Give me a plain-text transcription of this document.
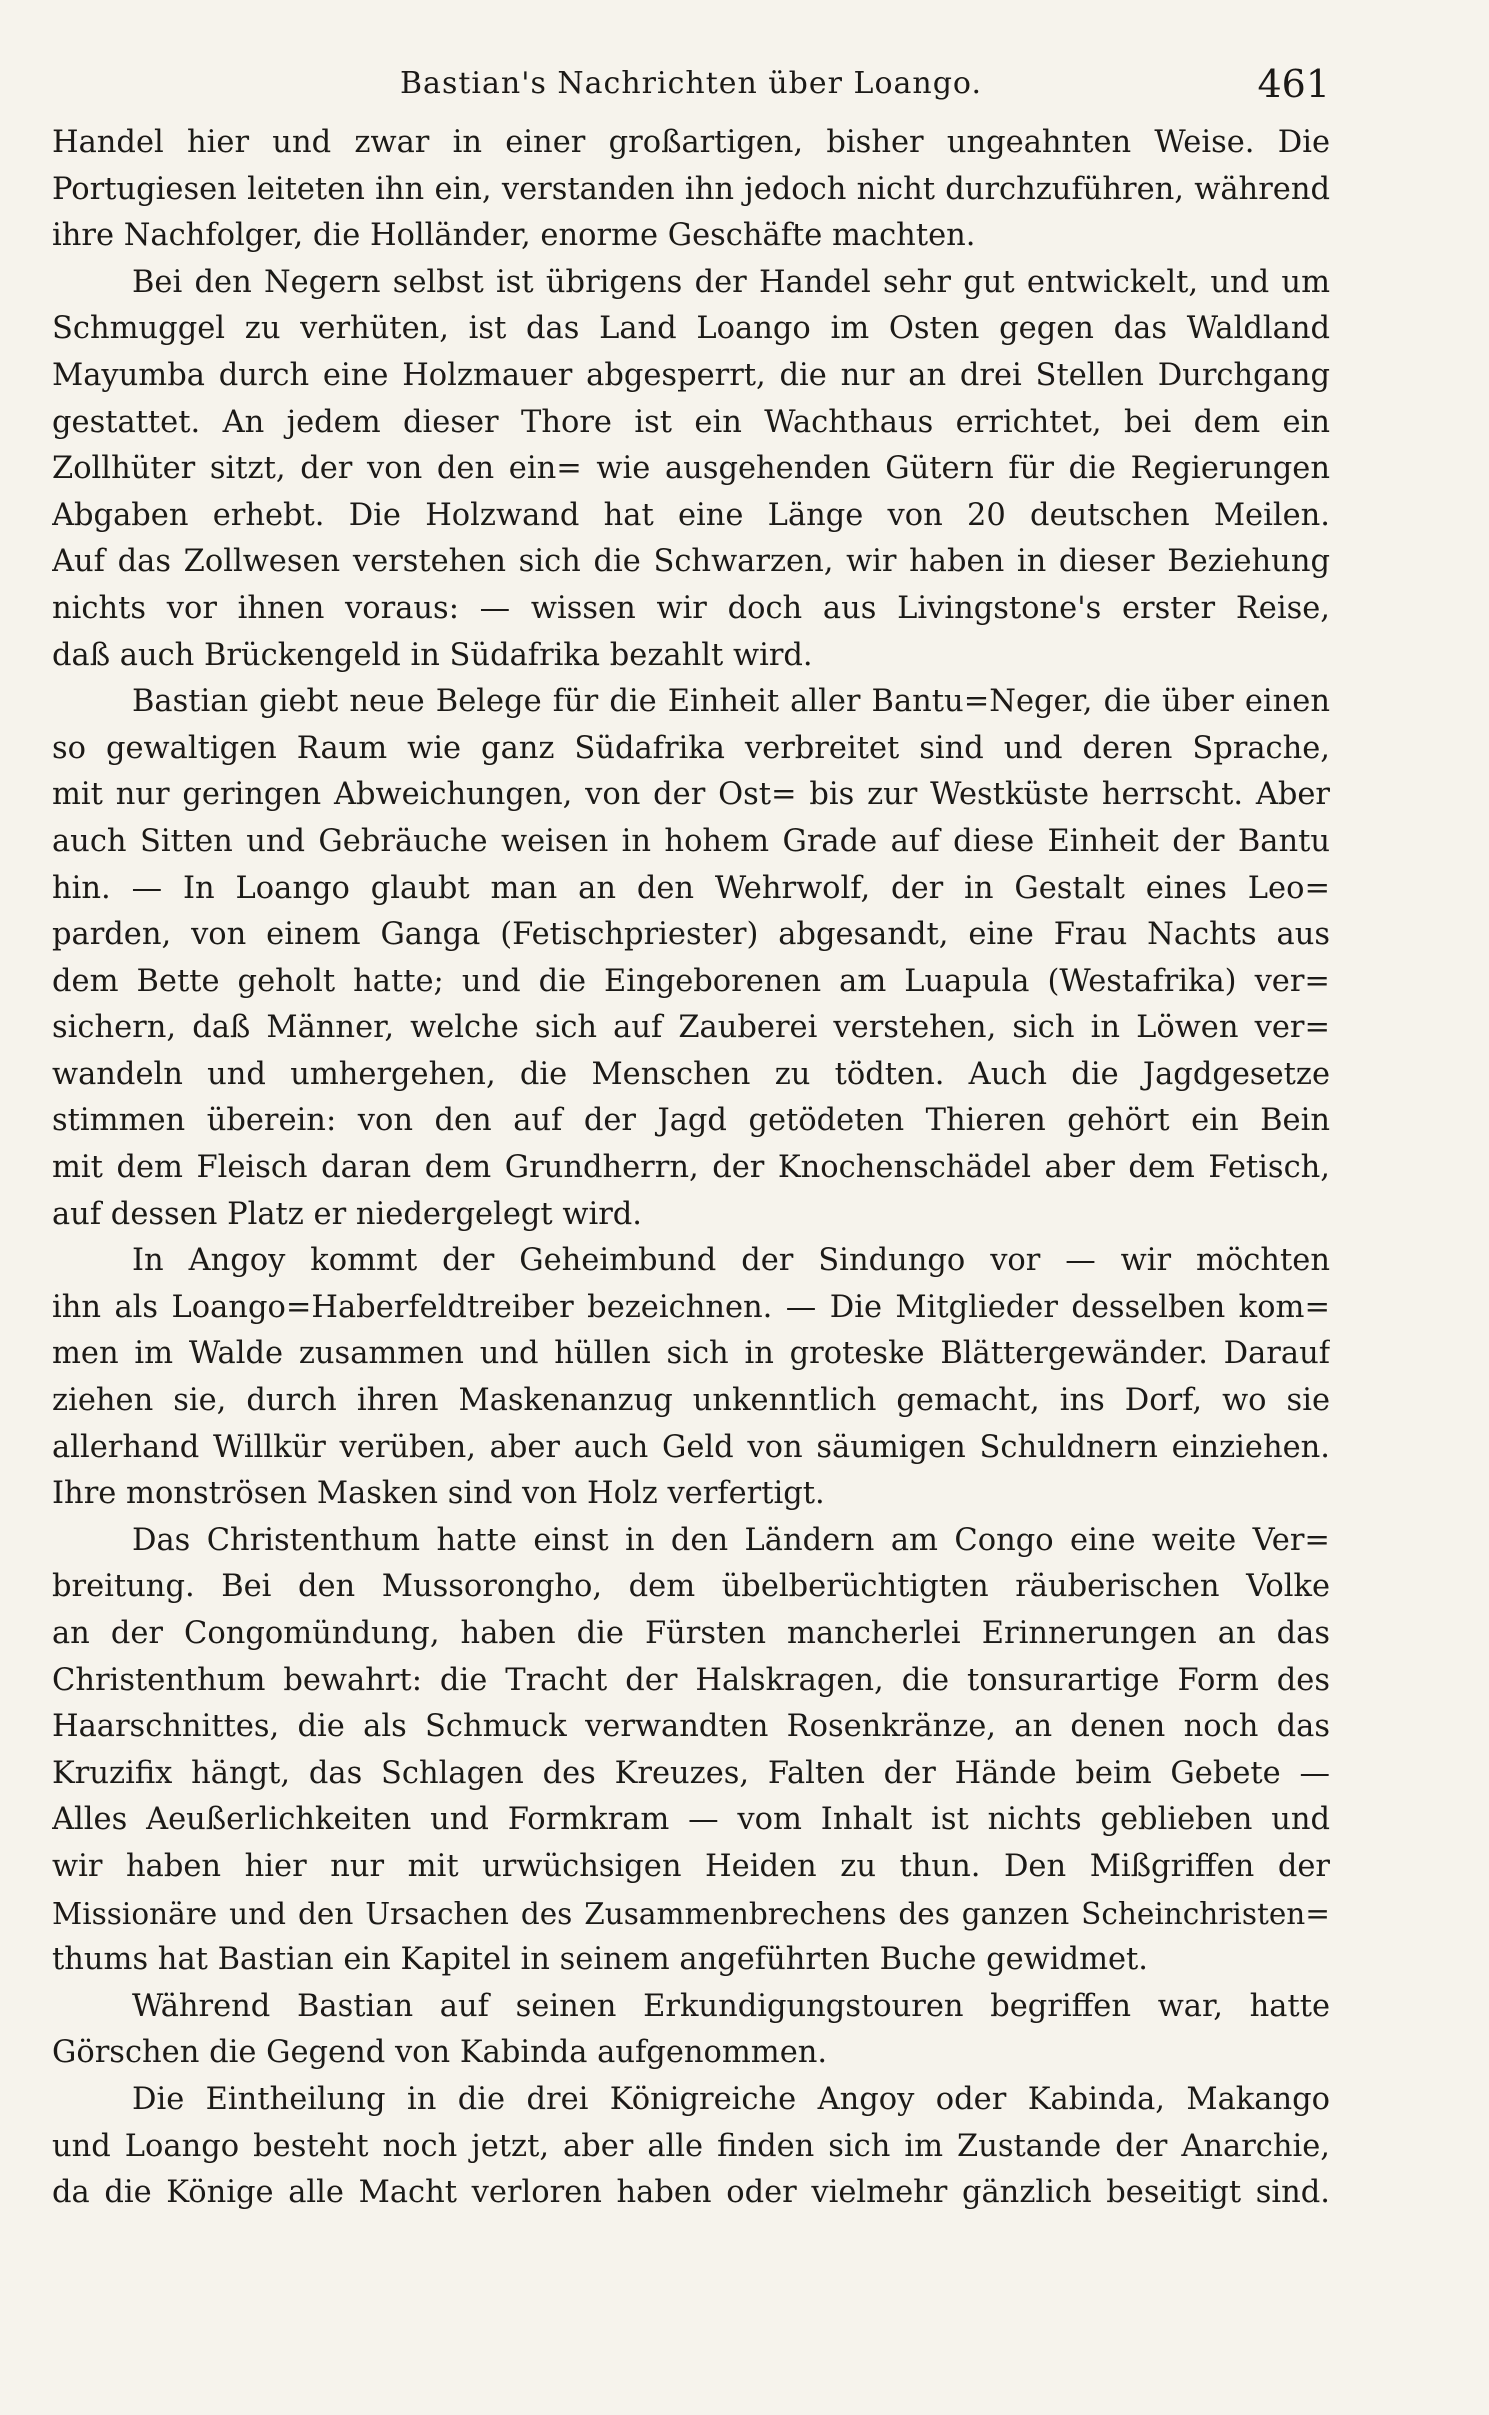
Bastian's Nachrichten über Loango.	461
Handel hier und zwar in einer großartigen, bisher ungeahnten Weise. Die
Portugiesen leiteten ihn ein, verstanden ihn jedoch nicht durchzuführen, während
ihre Nachfolger, die Holländer, enorme Geschäfte machten.
Bei den Negern selbst ist übrigens der Handel sehr gut entwickelt, und um
Schmuggel zu verhüten, ist das Land Loango im Osten gegen das Waldland
Mayumba durch eine Holzmauer abgesperrt, die nur an drei Stellen Durchgang
gestattet. An jedem dieser Thore ist ein Wachthaus errichtet, bei dem ein
Zollhüter sitzt, der von den ein= wie ausgehenden Gütern für die Regierungen
Abgaben erhebt. Die Holzwand hat eine Länge von 20 deutschen Meilen.
Auf das Zollwesen verstehen sich die Schwarzen, wir haben in dieser Beziehung
nichts vor ihnen voraus: — wissen wir doch aus Livingstone's erster Reise,
daß auch Brückengeld in Südafrika bezahlt wird.
Bastian giebt neue Belege für die Einheit aller Bantu=Neger, die über einen
so gewaltigen Raum wie ganz Südafrika verbreitet sind und deren Sprache,
mit nur geringen Abweichungen, von der Ost= bis zur Westküste herrscht. Aber
auch Sitten und Gebräuche weisen in hohem Grade auf diese Einheit der Bantu
hin. — In Loango glaubt man an den Wehrwolf, der in Gestalt eines Leo=
parden, von einem Ganga (Fetischpriester) abgesandt, eine Frau Nachts aus
dem Bette geholt hatte; und die Eingeborenen am Luapula (Westafrika) ver=
sichern, daß Männer, welche sich auf Zauberei verstehen, sich in Löwen ver=
wandeln und umhergehen, die Menschen zu tödten. Auch die Jagdgesetze
stimmen überein: von den auf der Jagd getödeten Thieren gehört ein Bein
mit dem Fleisch daran dem Grundherrn, der Knochenschädel aber dem Fetisch,
auf dessen Platz er niedergelegt wird.
In Angoy kommt der Geheimbund der Sindungo vor — wir möchten
ihn als Loango=Haberfeldtreiber bezeichnen. — Die Mitglieder desselben kom=
men im Walde zusammen und hüllen sich in groteske Blättergewänder. Darauf
ziehen sie, durch ihren Maskenanzug unkenntlich gemacht, ins Dorf, wo sie
allerhand Willkür verüben, aber auch Geld von säumigen Schuldnern einziehen.
Ihre monströsen Masken sind von Holz verfertigt.
Das Christenthum hatte einst in den Ländern am Congo eine weite Ver=
breitung. Bei den Mussorongho, dem übelberüchtigten räuberischen Volke
an der Congomündung, haben die Fürsten mancherlei Erinnerungen an das
Christenthum bewahrt: die Tracht der Halskragen, die tonsurartige Form des
Haarschnittes, die als Schmuck verwandten Rosenkränze, an denen noch das
Kruzifix hängt, das Schlagen des Kreuzes, Falten der Hände beim Gebete —
Alles Aeußerlichkeiten und Formkram — vom Inhalt ist nichts geblieben und
wir haben hier nur mit urwüchsigen Heiden zu thun. Den Mißgriffen der
Missionäre und den Ursachen des Zusammenbrechens des ganzen Scheinchristen=
thums hat Bastian ein Kapitel in seinem angeführten Buche gewidmet.
Während Bastian auf seinen Erkundigungstouren begriffen war, hatte
Görschen die Gegend von Kabinda aufgenommen.
Die Eintheilung in die drei Königreiche Angoy oder Kabinda, Makango
und Loango besteht noch jetzt, aber alle finden sich im Zustande der Anarchie,
da die Könige alle Macht verloren haben oder vielmehr gänzlich beseitigt sind.
